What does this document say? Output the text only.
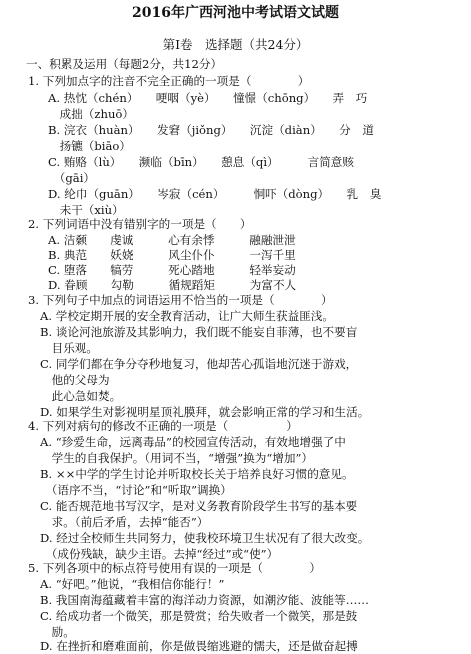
2016年广西河池中考试语文试题
第Ⅰ卷　选择题（共24分）
一、积累及运用（每题2分，共12分）
1. 下列加点字的注音不完全正确的一项是（　　　　）
A. 热忱（chén）　　哽咽（yè）　　憧憬（chōng）　　弄　巧
　成拙（zhuō）
B. 浣衣（huàn）　　发窘（jiǒng）　　沉淀（diàn）　　分　道
　扬镳（biāo）
C. 贿赂（lù）　　濒临（bīn）　　憩息（qì）　　　言简意赅
　（gāi）
D. 纶巾（guān）　　岑寂（cén）　　　恫吓（dòng）　　乳　臭
　未干（xiù）
2. 下列词语中没有错别字的一项是（　　）
A. 洁颡　　虔诚　　　心有余悸　　　融融泄泄
B. 典范　　妖娆　　　风尘仆仆　　　一泻千里
C. 堕落　　犒劳　　　死心踏地　　　轻举妄动
D. 眷顾　　勾勒　　　循规蹈矩　　　为富不人
3. 下列句子中加点的词语运用不恰当的一项是（　　　　）
A. 学校定期开展的安全教育活动，让广大师生获益匪浅。
B. 谈论河池旅游及其影响力，我们既不能妄自菲薄，也不要盲
　目乐观。
C. 同学们都在争分夺秒地复习，他却苦心孤诣地沉迷于游戏，
　他的父母为
　此心急如焚。
D. 如果学生对影视明星顶礼膜拜，就会影响正常的学习和生活。
4. 下列对病句的修改不正确的一项是（　　　　　）
A. “珍爱生命，远离毒品”的校园宣传活动，有效地增强了中
　学生的自我保护。（用词不当，“增强”换为“增加”）
B. ××中学的学生讨论并听取校长关于培养良好习惯的意见。
　（语序不当，“讨论”和“听取”调换）
C. 能否规范地书写汉字，是对义务教育阶段学生书写的基本要
　求。（前后矛盾，去掉“能否”）
D. 经过全校师生共同努力，使我校环境卫生状况有了很大改变。
　（成份残缺，缺少主语。去掉“经过”或“使”）
5. 下列各项中的标点符号使用有误的一项是（　　　　）
A. “好吧。”他说，“我相信你能行！”
B. 我国南海蕴藏着丰富的海洋动力资源，如潮汐能、波能等……
C. 给成功者一个微笑，那是赞赏；给失败者一个微笑，那是鼓
　励。
D. 在挫折和磨难面前，你是做畏缩逃避的懦夫，还是做奋起搏
